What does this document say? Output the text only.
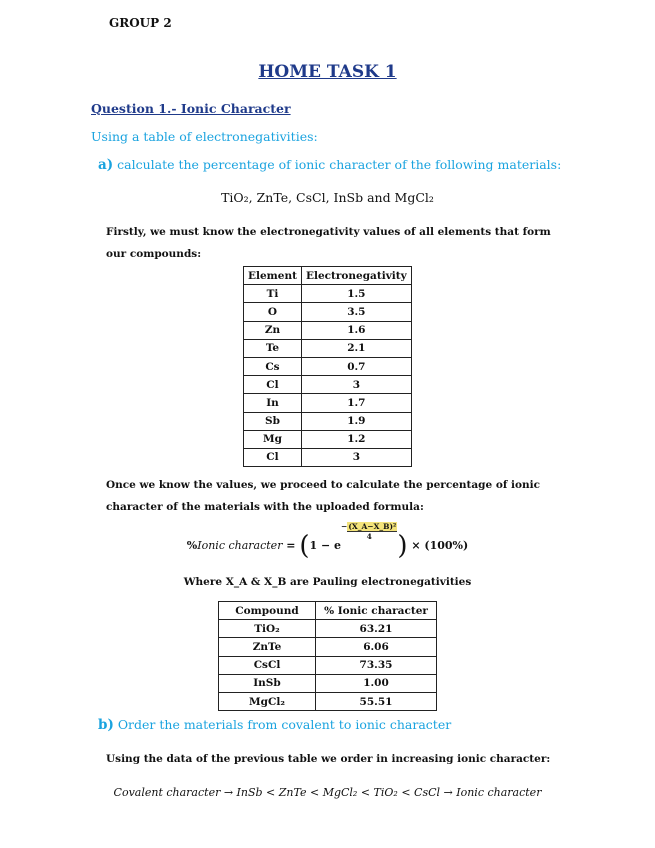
GROUP 2
HOME TASK 1
Question 1.- Ionic Character
Using a table of electronegativities:
a) calculate the percentage of ionic character of the following materials:
TiO₂, ZnTe, CsCl, InSb and MgCl₂
Firstly, we must know the electronegativity values of all elements that form our compounds:
Element	Electronegativity
Ti	1.5
O	3.5
Zn	1.6
Te	2.1
Cs	0.7
Cl	3
In	1.7
Sb	1.9
Mg	1.2
Cl	3
Once we know the values, we proceed to calculate the percentage of ionic character of the materials with the uploaded formula:
%Ionic character = (1 − e−(X_A−X_B)²
4 ) × (100%)
Where X_A & X_B are Pauling electronegativities
Compound	% Ionic character
TiO₂	63.21
ZnTe	6.06
CsCl	73.35
InSb	1.00
MgCl₂	55.51
b) Order the materials from covalent to ionic character
Using the data of the previous table we order in increasing ionic character:
Covalent character → InSb < ZnTe < MgCl₂ < TiO₂ < CsCl → Ionic character
